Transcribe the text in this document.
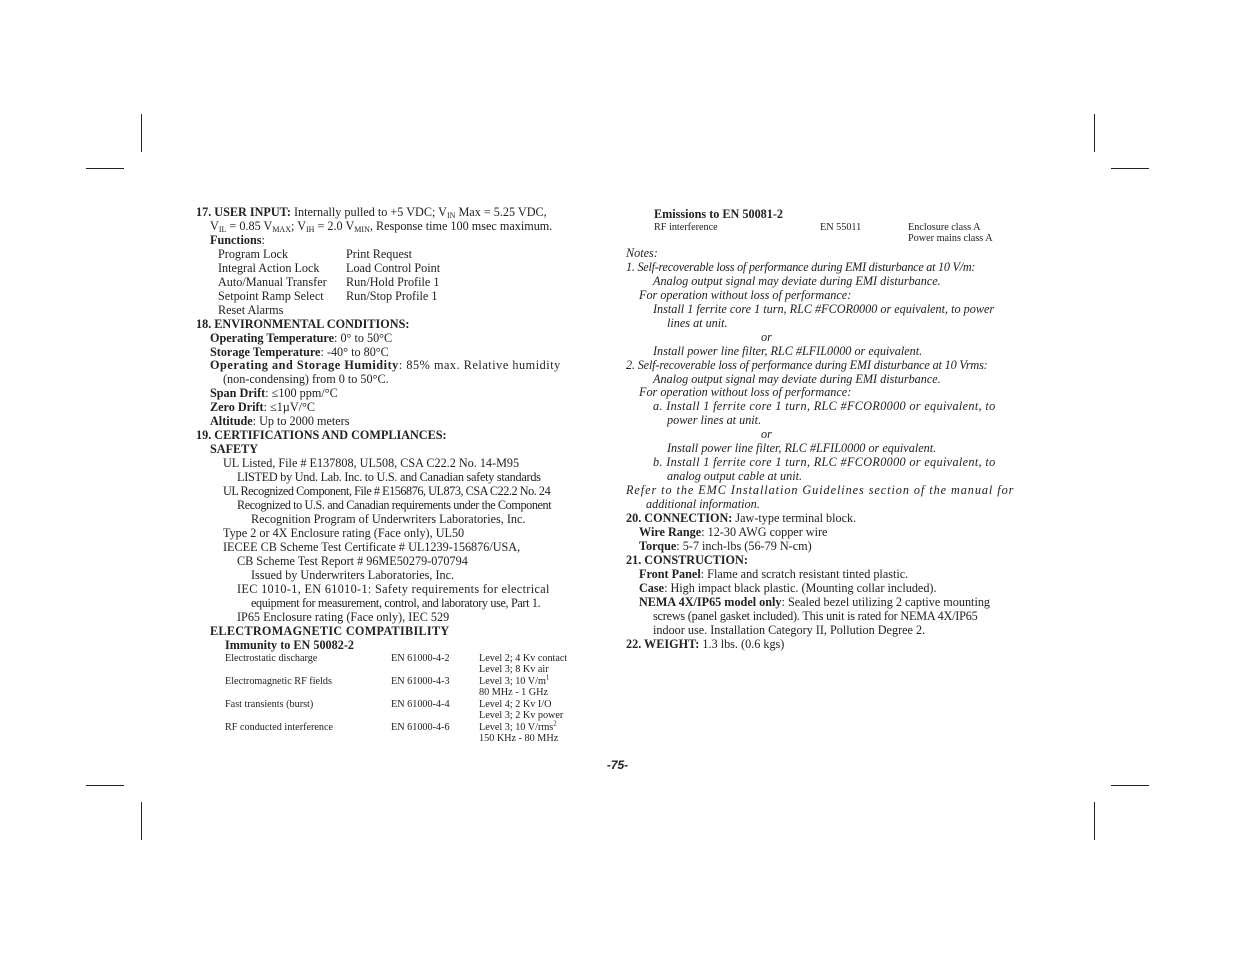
17. USER INPUT: Internally pulled to +5 VDC; $V_{IN}$ Max = 5.25 VDC,

$V_{IL} = 0.85$ $V_{MAX}$; $V_{IH} = 2.0$ $V_{MIN}$, Response time 100 msec maximum.

Functions:

Program Lock	Print Request
Integral Action Lock	Load Control Point
Auto/Manual Transfer	Run/Hold Profile 1
Setpoint Ramp Select	Run/Stop Profile 1
Reset Alarms

18. ENVIRONMENTAL CONDITIONS:

Operating Temperature: 0° to 50°C

Storage Temperature: -40° to 80°C

Operating and Storage Humidity: 85% max. Relative humidity

(non-condensing) from 0 to 50°C.

Span Drift: ≤100 ppm/°C

Zero Drift: ≤1µV/°C

Altitude: Up to 2000 meters

19. CERTIFICATIONS AND COMPLIANCES:

SAFETY

UL Listed, File # E137808, UL508, CSA C22.2 No. 14-M95

LISTED by Und. Lab. Inc. to U.S. and Canadian safety standards

UL Recognized Component, File # E156876, UL873, CSA C22.2 No. 24

Recognized to U.S. and Canadian requirements under the Component

Recognition Program of Underwriters Laboratories, Inc.

Type 2 or 4X Enclosure rating (Face only), UL50

IECEE CB Scheme Test Certificate # UL1239-156876/USA,

CB Scheme Test Report # 96ME50279-070794

Issued by Underwriters Laboratories, Inc.

IEC 1010-1, EN 61010-1: Safety requirements for electrical

equipment for measurement, control, and laboratory use, Part 1.

IP65 Enclosure rating (Face only), IEC 529

ELECTROMAGNETIC COMPATIBILITY

Immunity to EN 50082-2

Electrostatic discharge	EN 61000-4-2	Level 2; 4 Kv contact
Level 3; 8 Kv air
Electromagnetic RF fields	EN 61000-4-3	Level 3; 10 $V/m^1$
80 MHz - 1 GHz
Fast transients (burst)	EN 61000-4-4	Level 4; 2 Kv I/O
Level 3; 2 Kv power
RF conducted interference	EN 61000-4-6	Level 3; 10 V/rms$^2$
150 KHz - 80 MHz

Emissions to EN 50081-2

RF interference	EN 55011	Enclosure class A
Power mains class A

Notes:

1. Self-recoverable loss of performance during EMI disturbance at 10 V/m:

Analog output signal may deviate during EMI disturbance.

For operation without loss of performance:

Install 1 ferrite core 1 turn, RLC #FCOR0000 or equivalent, to power

lines at unit.

or

Install power line filter, RLC #LFIL0000 or equivalent.

2. Self-recoverable loss of performance during EMI disturbance at 10 Vrms:

Analog output signal may deviate during EMI disturbance.

For operation without loss of performance:

a. Install 1 ferrite core 1 turn, RLC #FCOR0000 or equivalent, to

power lines at unit.

or

Install power line filter, RLC #LFIL0000 or equivalent.

b. Install 1 ferrite core 1 turn, RLC #FCOR0000 or equivalent, to

analog output cable at unit.

Refer to the EMC Installation Guidelines section of the manual for

additional information.

20. CONNECTION: Jaw-type terminal block.

Wire Range: 12-30 AWG copper wire

Torque: 5-7 inch-lbs (56-79 N-cm)

21. CONSTRUCTION:

Front Panel: Flame and scratch resistant tinted plastic.

Case: High impact black plastic. (Mounting collar included).

NEMA 4X/IP65 model only: Sealed bezel utilizing 2 captive mounting

screws (panel gasket included). This unit is rated for NEMA 4X/IP65

indoor use. Installation Category II, Pollution Degree 2.

22. WEIGHT: 1.3 lbs. (0.6 kgs)

-75-
